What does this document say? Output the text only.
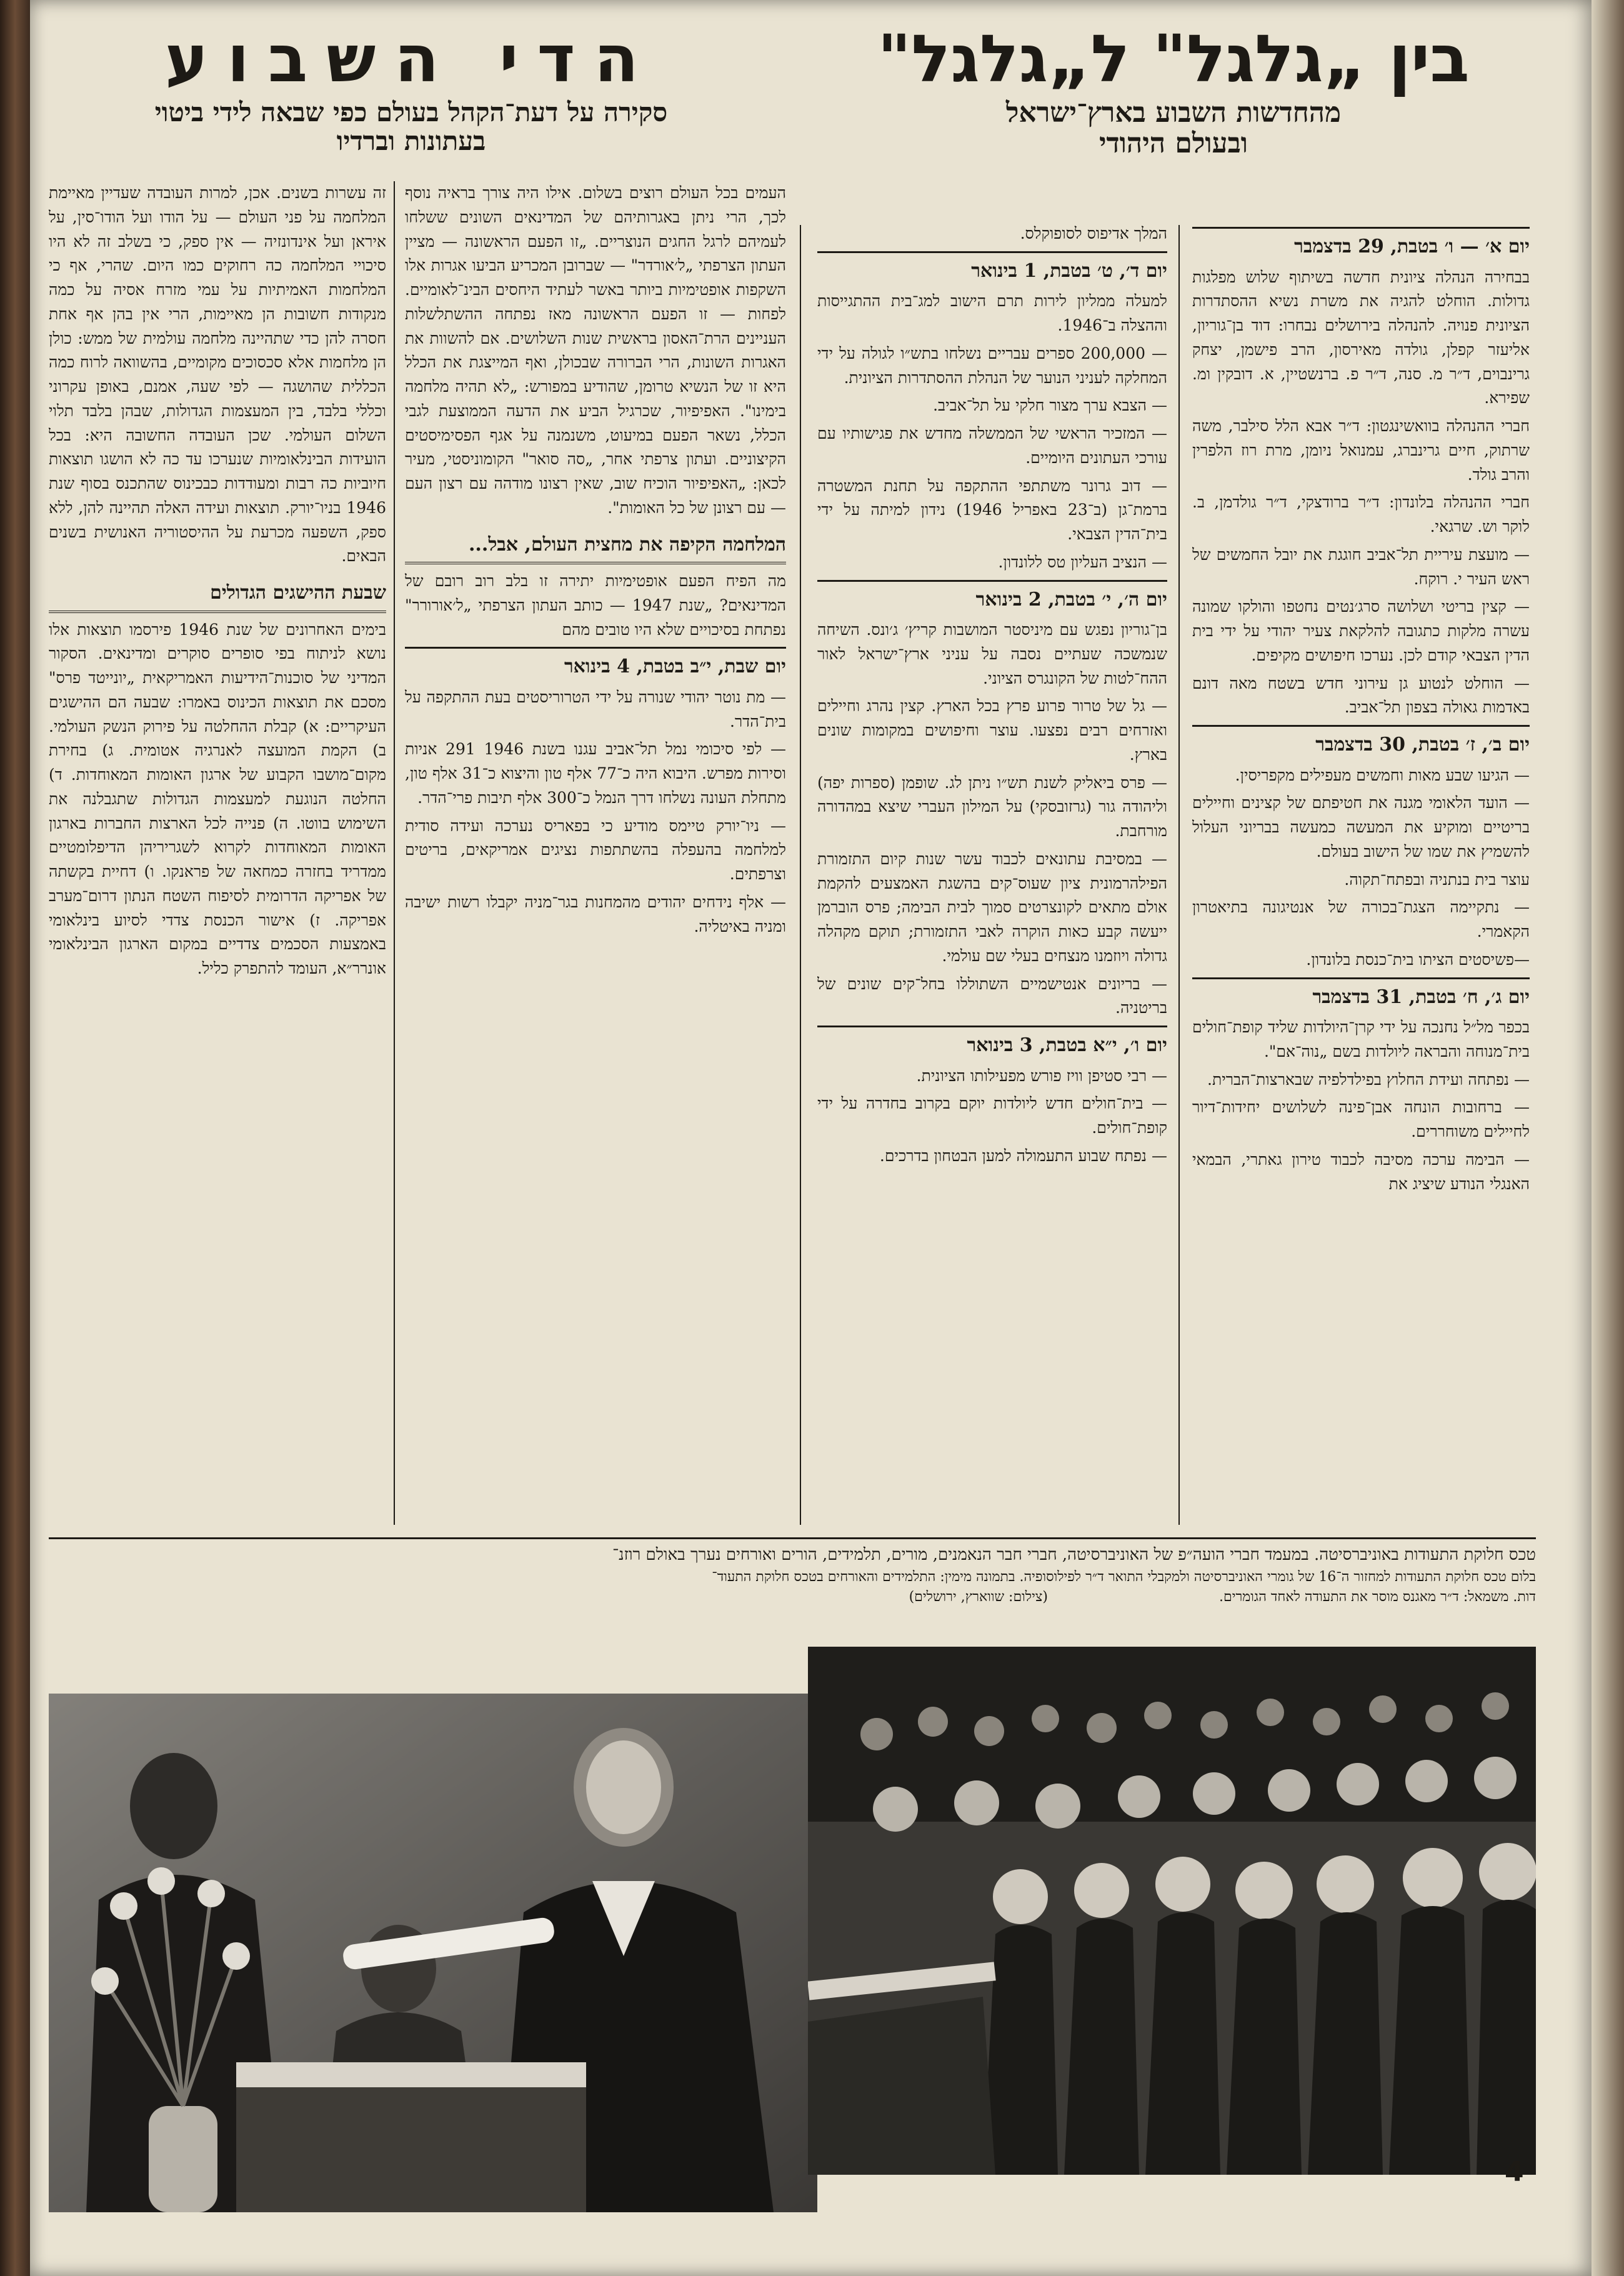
בין „גלגל" ל„גלגל"
מהחדשות השבוע בארץ־ישראל
ובעולם היהודי
הדי השבוע
סקירה על דעת־הקהל בעולם כפי שבאה לידי ביטוי
בעתונות וברדיו
יום א׳ — ו׳ בטבת, 29 בדצמבר

בבחירה הנהלה ציונית חדשה בשיתוף שלוש מפלגות גדולות. הוחלט להגיה את משרת נשיא ההסתדרות הציונית פנויה. להנהלה בירושלים נבחרו: דוד בן־גוריון, אליעזר קפלן, גולדה מאירסון, הרב פישמן, יצחק גרינבוים, ד״ר מ. סנה, ד״ר פ. ברנשטיין, א. דובקין ומ. שפירא.

חברי ההנהלה בוואשינגטון: ד״ר אבא הלל סילבר, משה שרתוק, חיים גרינברג, עמנואל ניומן, מרת רוז הלפרין והרב גולד.

חברי ההנהלה בלונדון: ד״ר ברודצקי, ד״ר גולדמן, ב. לוקר וש. שרגאי.

— מועצת עיריית תל־אביב חוגגת את יובל החמשים של ראש העיר י. רוקח.

— קצין בריטי ושלושה סרג׳נטים נחטפו והולקו שמונה עשרה מלקות כתגובה להלקאת צעיר יהודי על ידי בית הדין הצבאי קודם לכן. נערכו חיפושים מקיפים.

— הוחלט לנטוע גן עירוני חדש בשטח מאה דונם באדמות גאולה בצפון תל־אביב.

יום ב׳, ז׳ בטבת, 30 בדצמבר

— הגיעו שבע מאות וחמשים מעפילים מקפריסין.

— הועד הלאומי מגנה את חטיפתם של קצינים וחיילים בריטיים ומוקיע את המעשה כמעשה בבריוני העלול להשמיץ את שמו של הישוב בעולם.

עוצר בית בנתניה ובפתח־תקוה.

— נתקיימה הצגת־בכורה של אנטיגונה בתיאטרון הקאמרי.

—פשיסטים הציתו בית־כנסת בלונדון.

יום ג׳, ח׳ בטבת, 31 בדצמבר

בכפר מל״ל נחנכה על ידי קרן־היולדות שליד קופת־חולים בית־מנוחה והבראה ליולדות בשם „נוה־אם".

— נפתחה ועידת החלוץ בפילדלפיה שבארצות־הברית.

— ברחובות הונחה אבן־פינה לשלושים יחידות־דיור לחיילים משוחררים.

— הבימה ערכה מסיבה לכבוד טירון גאתרי, הבמאי האנגלי הנודע שיציג את

המלך אדיפוס לסופוקלס.

יום ד׳, ט׳ בטבת, 1 בינואר

למעלה ממליון לירות תרם הישוב למג־בית ההתגייסות וההצלה ב־1946.

— 200,000 ספרים עבריים נשלחו בתש״ו לגולה על ידי המחלקה לעניני הנוער של הנהלת ההסתדרות הציונית.

— הצבא ערך מצור חלקי על תל־אביב.

— המזכיר הראשי של הממשלה מחדש את פגישותיו עם עורכי העתונים היומיים.

— דוב גרונר משתתפי ההתקפה על תחנת המשטרה ברמת־גן (ב־23 באפריל 1946) נידון למיתה על ידי בית־הדין הצבאי.

— הנציב העליון טס ללונדון.

יום ה׳, י׳ בטבת, 2 בינואר

בן־גוריון נפגש עם מיניסטר המושבות קריץ׳ ג׳ונס. השיחה שנמשכה שעתיים נסבה על עניני ארץ־ישראל לאור ההח־לטות של הקונגרס הציוני.

— גל של טרור פרוע פרץ בכל הארץ. קצין נהרג וחיילים ואזרחים רבים נפצעו. עוצר וחיפושים במקומות שונים בארץ.

— פרס ביאליק לשנת תש״ו ניתן לג. שופמן (ספרות יפה) וליהודה גור (גרזובסקי) על המילון העברי שיצא במהדורה מורחבת.

— במסיבת עתונאים לכבוד עשר שנות קיום התזמורת הפילהרמונית ציון שעוס־קים בהשגת האמצעים להקמת אולם מתאים לקונצרטים סמוך לבית הבימה; פרס הוברמן ייעשה קבע כאות הוקרה לאבי התזמורת; תוקם מקהלה גדולה ויוזמנו מנצחים בעלי שם עולמי.

— בריונים אנטישמיים השתוללו בחל־קים שונים של בריטניה.

יום ו׳, י״א בטבת, 3 בינואר

— רבי סטיפן וויז פורש מפעילותו הציונית.

— בית־חולים חדש ליולדות יוקם בקרוב בחדרה על ידי קופת־חולים.

— נפתח שבוע התעמולה למען הבטחון בדרכים.

העמים בכל העולם רוצים בשלום. אילו היה צורך בראיה נוסף לכך, הרי ניתן באגרותיהם של המדינאים השונים ששלחו לעמיהם לרגל החגים הנוצריים. „זו הפעם הראשונה — מציין העתון הצרפתי „ל׳אורדר" — שברובן המכריע הביעו אגרות אלו השקפות אופטימיות ביותר באשר לעתיד היחסים הבינ־לאומיים. לפחות — זו הפעם הראשונה מאז נפתחה ההשתלשלות העניינים הרת־האסון בראשית שנות השלושים. אם להשוות את האגרות השונות, הרי הברורה שבכולן, ואף המייצגת את הכלל היא זו של הנשיא טרומן, שהודיע במפורש: „לא תהיה מלחמה בימינו". האפיפיור, שכרגיל הביע את הדעה הממוצעת לגבי הכלל, נשאר הפעם במיעוט, משנמנה על אגף הפסימיסטים הקיצוניים. ועתון צרפתי אחר, „סה סואר" הקומוניסטי, מעיר לכאן: „האפיפיור הוכיח שוב, שאין רצונו מודהה עם רצון העם — עם רצונן של כל האומות".

המלחמה הקיפה את מחצית העולם, אבל...

מה הפיח הפעם אופטימיות יתירה זו בלב רוב רובם של המדינאים? „שנת 1947 — כותב העתון הצרפתי „ל׳אורורר" נפתחת בסיכויים שלא היו טובים מהם

יום שבת, י״ב בטבת, 4 בינואר

— מת נוטר יהודי שנורה על ידי הטרוריסטים בעת ההתקפה על בית־הדר.

— לפי סיכומי נמל תל־אביב עגנו בשנת 1946 291 אניות וסירות מפרש. היבוא היה כ־77 אלף טון והיצוא כ־31 אלף טון, מתחלת העונה נשלחו דרך הנמל כ־300 אלף תיבות פרי־הדר.

— ניו־יורק טיימס מודיע כי בפאריס נערכה ועידה סודית למלחמה בהעפלה בהשתתפות נציגים אמריקאים, בריטים וצרפתים.

— אלף נידחים יהודים מהמחנות בגר־מניה יקבלו רשות ישיבה ומניה באיטליה.

זה עשרות בשנים. אכן, למרות העובדה שעדיין מאיימת המלחמה על פני העולם — על הודו ועל הודו־סין, על איראן ועל אינדונזיה — אין ספק, כי בשלב זה לא היו סיכויי המלחמה כה רחוקים כמו היום. שהרי, אף כי המלחמות האמיתיות על עמי מזרח אסיה על כמה מנקודות חשובות הן מאיימות, הרי אין בהן אף אחת חסרה להן כדי שתהיינה מלחמה עולמית של ממש: כולן הן מלחמות אלא סכסוכים מקומיים, בהשוואה לרוח כמה הכללית שהושגה — לפי שעה, אמנם, באופן עקרוני וכללי בלבד, בין המעצמות הגדולות, שבהן בלבד תלוי השלום העולמי. שכן העובדה החשובה היא: בכל הועידות הבינלאומיות שנערכו עד כה לא הושגו תוצאות חיוביות כה רבות ומעודדות כבכינוס שהתכנס בסוף שנת 1946 בניו־יורק. תוצאות ועידה האלה תהיינה להן, ללא ספק, השפעה מכרעת על ההיסטוריה האנושית בשנים הבאים.

שבעת ההישגים הגדולים

בימים האחרונים של שנת 1946 פירסמו תוצאות אלו נושא לניתוח בפי סופרים סוקרים ומדינאים. הסקור המדיני של סוכנות־הידיעות האמריקאית „יונייטד פרס" מסכם את תוצאות הכינוס באמרו: שבעה הם ההישגים העיקריים: א) קבלת ההחלטה על פירוק הנשק העולמי. ב) הקמת המועצה לאנרגיה אטומית. ג) בחירת מקום־מושבו הקבוע של ארגון האומות המאוחדות. ד) החלטה הנוגעת למעצמות הגדולות שתגבלנה את השימוש בווטו. ה) פנייה לכל הארצות החברות בארגון האומות המאוחדות לקרוא לשגריריהן הדיפלומטיים ממדריד בחזרה כמחאה של פראנקו. ו) דחיית בקשתה של אפריקה הדרומית לסיפוח השטח הנתון דרום־מערב אפריקה. ז) אישור הכנסת צדדי לסיוע בינלאומי באמצעות הסכמים צדדיים במקום הארגון הבינלאומי אונרר״א, העומד להתפרק כליל.

טכס חלוקת התעודות באוניברסיטה. במעמד חברי הועה״פ של האוניברסיטה, חברי חבר הנאמנים, מורים, תלמידים, הורים ואורחים נערך באולם רוזנ־
בלום טכס חלוקת התעודות למחזור ה־16 של גומרי האוניברסיטה ולמקבלי התואר ד״ר לפילוסופיה. בתמונה מימין: התלמידים והאורחים בטכס חלוקת התעוד־
דות. משמאל: ד״ר מאגנס מוסר את התעודה לאחד הגומרים.  (צילום: שווארץ, ירושלים)
4
